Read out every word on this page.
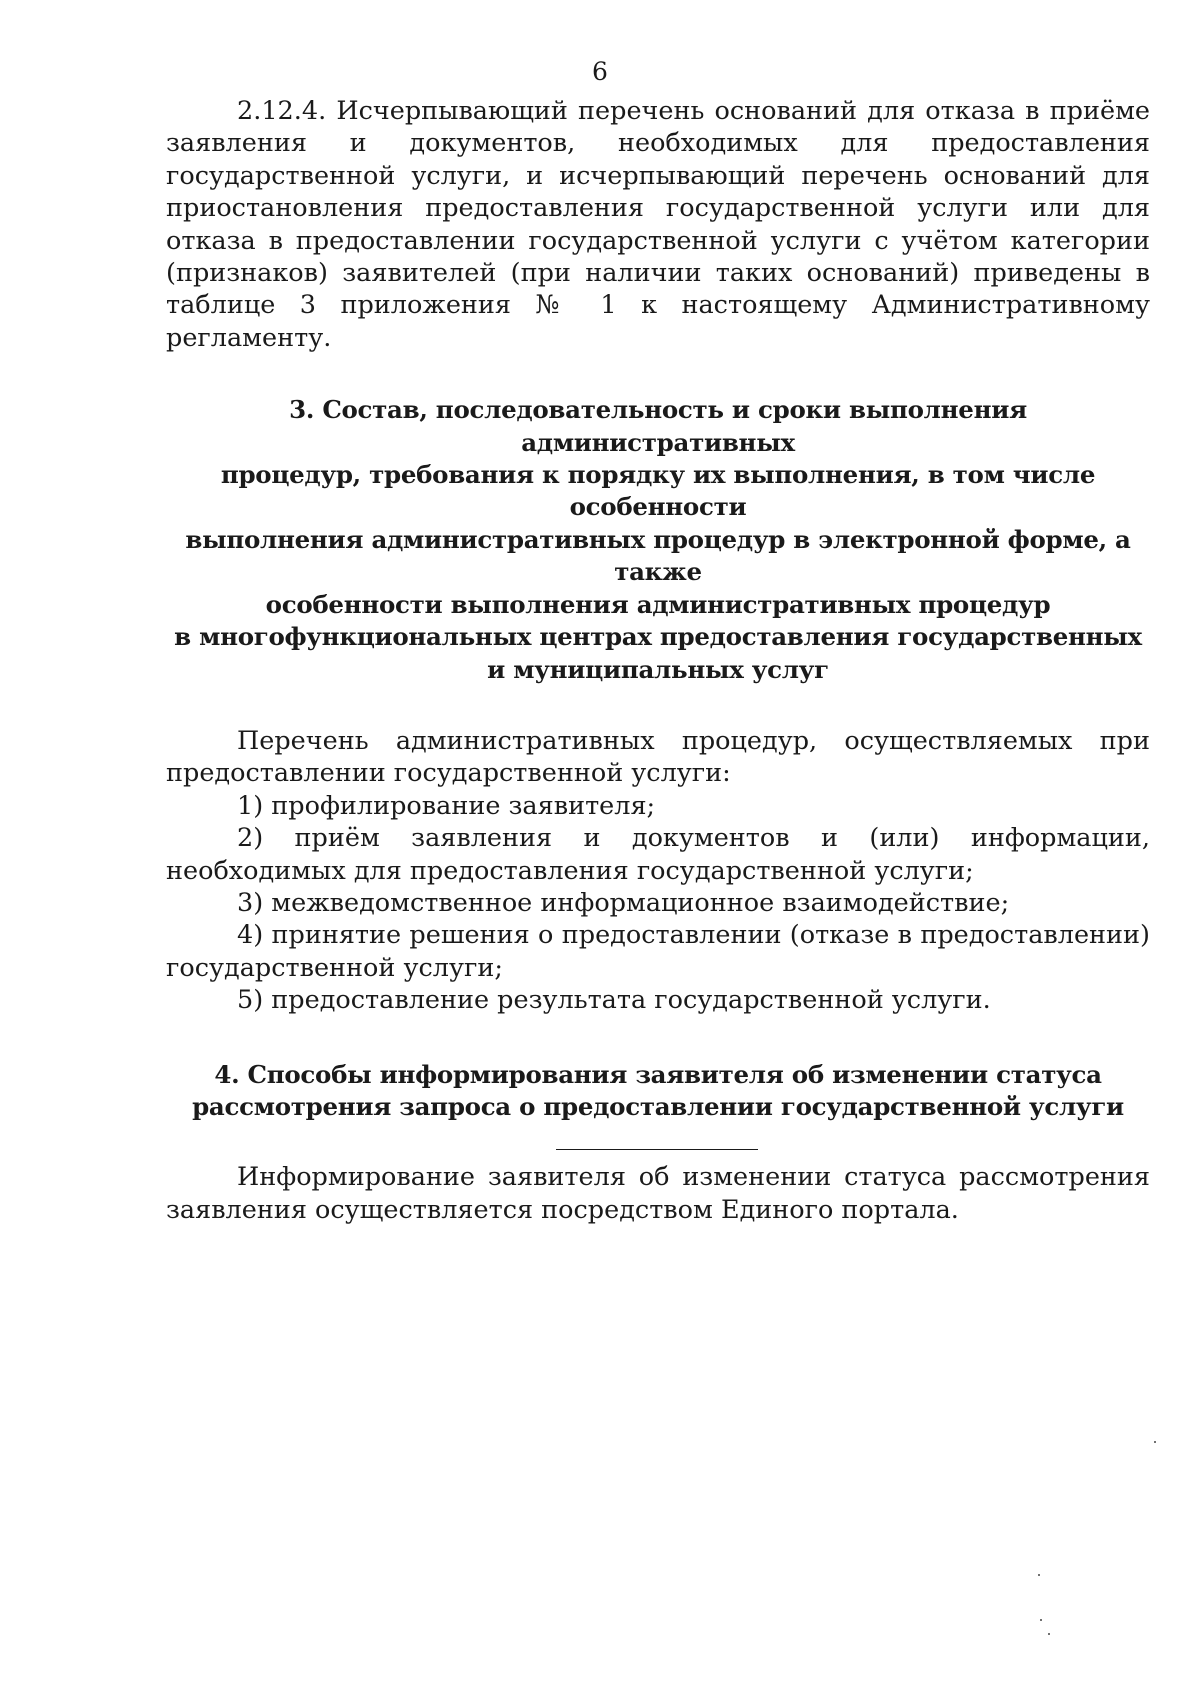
6

2.12.4. Исчерпывающий перечень оснований для отказа в приёме заявления и документов, необходимых для предоставления государственной услуги, и исчерпывающий перечень оснований для приостановления предоставления государственной услуги или для отказа в предоставлении государственной услуги с учётом категории (признаков) заявителей (при наличии таких оснований) приведены в таблице 3 приложения № 1 к настоящему Административному регламенту.

3. Состав, последовательность и сроки выполнения административных
процедур, требования к порядку их выполнения, в том числе особенности
выполнения административных процедур в электронной форме, а также
особенности выполнения административных процедур
в многофункциональных центрах предоставления государственных
и муниципальных услуг

Перечень административных процедур, осуществляемых при предоставлении государственной услуги:

1) профилирование заявителя;

2) приём заявления и документов и (или) информации, необходимых для предоставления государственной услуги;

3) межведомственное информационное взаимодействие;

4) принятие решения о предоставлении (отказе в предоставлении) государственной услуги;

5) предоставление результата государственной услуги.

4. Способы информирования заявителя об изменении статуса
рассмотрения запроса о предоставлении государственной услуги

Информирование заявителя об изменении статуса рассмотрения заявления осуществляется посредством Единого портала.
